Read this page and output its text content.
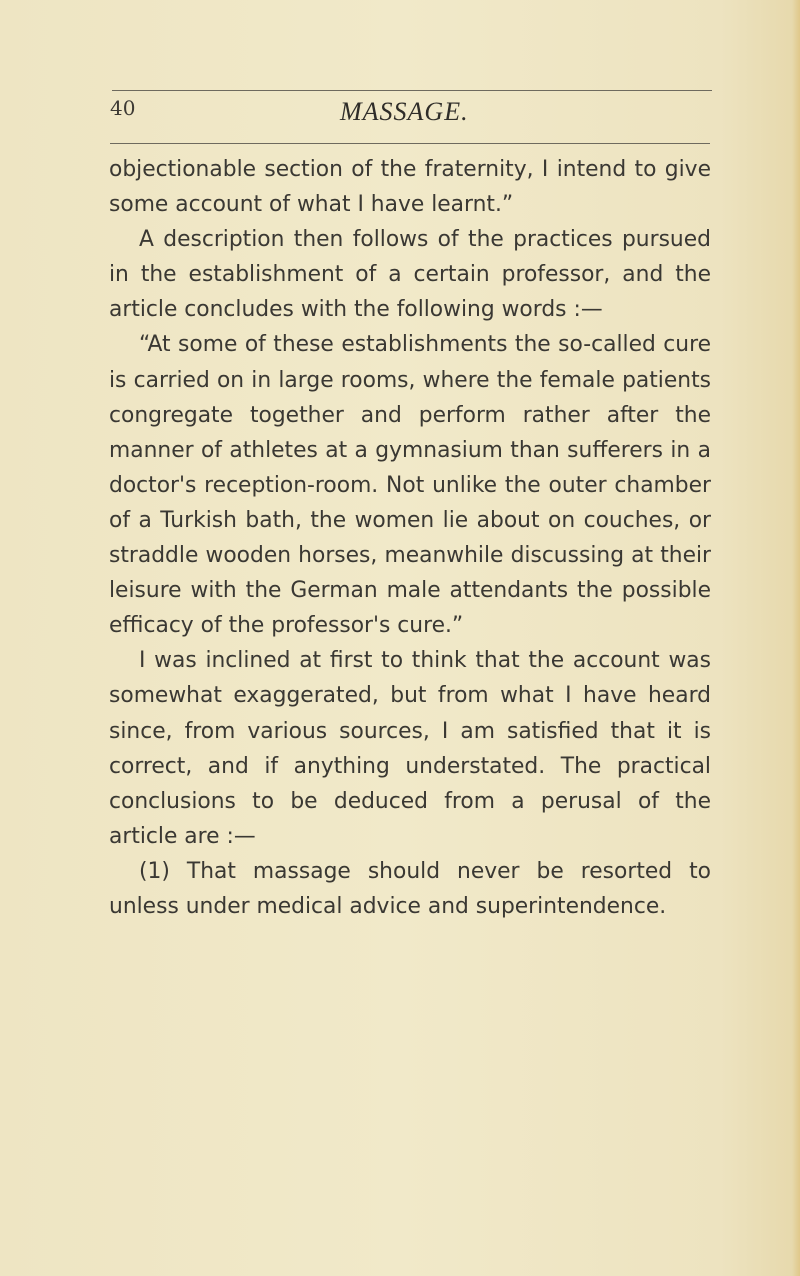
40	MASSAGE.

objectionable section of the fraternity, I intend to give some account of what I have learnt.”

A description then follows of the practices pursued in the establishment of a certain professor, and the article concludes with the following words :—

“At some of these establishments the so-called cure is carried on in large rooms, where the female patients congregate together and perform rather after the manner of athletes at a gymnasium than sufferers in a doctor's reception-room. Not unlike the outer chamber of a Turkish bath, the women lie about on couches, or straddle wooden horses, meanwhile discussing at their leisure with the German male attendants the possible efficacy of the professor's cure.”

I was inclined at first to think that the account was somewhat exaggerated, but from what I have heard since, from various sources, I am satisfied that it is correct, and if anything understated. The practical conclusions to be deduced from a perusal of the article are :—

(1) That massage should never be resorted to unless under medical advice and superintendence.
